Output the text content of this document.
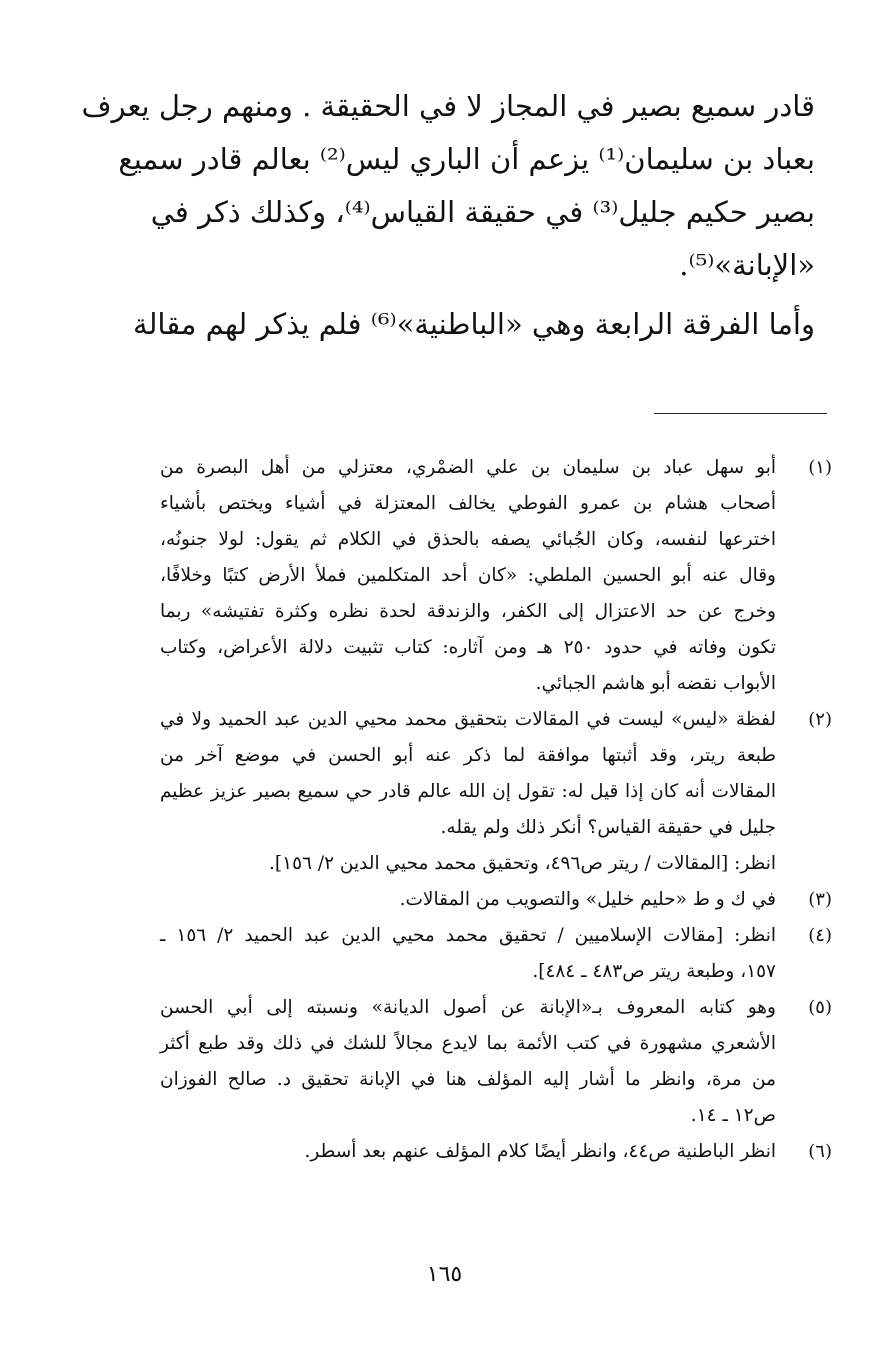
قادر سميع بصير في المجاز لا في الحقيقة . ومنهم رجل يعرف
بعباد بن سليمان⁽¹⁾ يزعم أن الباري ليس⁽²⁾ بعالم قادر سميع
بصير حكيم جليل⁽³⁾ في حقيقة القياس⁽⁴⁾، وكذلك ذكر في
«الإبانة»⁽⁵⁾.
وأما الفرقة الرابعة وهي «الباطنية»⁽⁶⁾ فلم يذكر لهم مقالة
(١)
أبو سهل عباد بن سليمان بن علي الضمْري، معتزلي من أهل البصرة من
أصحاب هشام بن عمرو الفوطي يخالف المعتزلة في أشياء ويختص بأشياء
اخترعها لنفسه، وكان الجُبائي يصفه بالحذق في الكلام ثم يقول: لولا جنونُه،
وقال عنه أبو الحسين الملطي: «كان أحد المتكلمين فملأ الأرض كتبًا وخلافًا،
وخرج عن حد الاعتزال إلى الكفر، والزندقة لحدة نظره وكثرة تفتيشه» ربما
تكون وفاته في حدود ٢٥٠ هـ ومن آثاره: كتاب تثبيت دلالة الأعراض، وكتاب
الأبواب نقضه أبو هاشم الجبائي.
(٢)
لفظة «ليس» ليست في المقالات بتحقيق محمد محيي الدين عبد الحميد ولا في
طبعة ريتر، وقد أثبتها موافقة لما ذكر عنه أبو الحسن في موضع آخر من
المقالات أنه كان إذا قيل له: تقول إن الله عالم قادر حي سميع بصير عزيز عظيم
جليل في حقيقة القياس؟ أنكر ذلك ولم يقله.
انظر: [المقالات / ريتر ص٤٩٦، وتحقيق محمد محيي الدين ٢/ ١٥٦].
(٣)
في ك و ط «حليم خليل» والتصويب من المقالات.
(٤)
انظر: [مقالات الإسلاميين / تحقيق محمد محيي الدين عبد الحميد ٢/ ١٥٦ ـ
١٥٧، وطبعة ريتر ص٤٨٣ ـ ٤٨٤].
(٥)
وهو كتابه المعروف بـ«الإبانة عن أصول الديانة» ونسبته إلى أبي الحسن
الأشعري مشهورة في كتب الأئمة بما لايدع مجالاً للشك في ذلك وقد طبع أكثر
من مرة، وانظر ما أشار إليه المؤلف هنا في الإبانة تحقيق د. صالح الفوزان
ص١٢ ـ ١٤.
(٦)
انظر الباطنية ص٤٤، وانظر أيضًا كلام المؤلف عنهم بعد أسطر.
١٦٥
